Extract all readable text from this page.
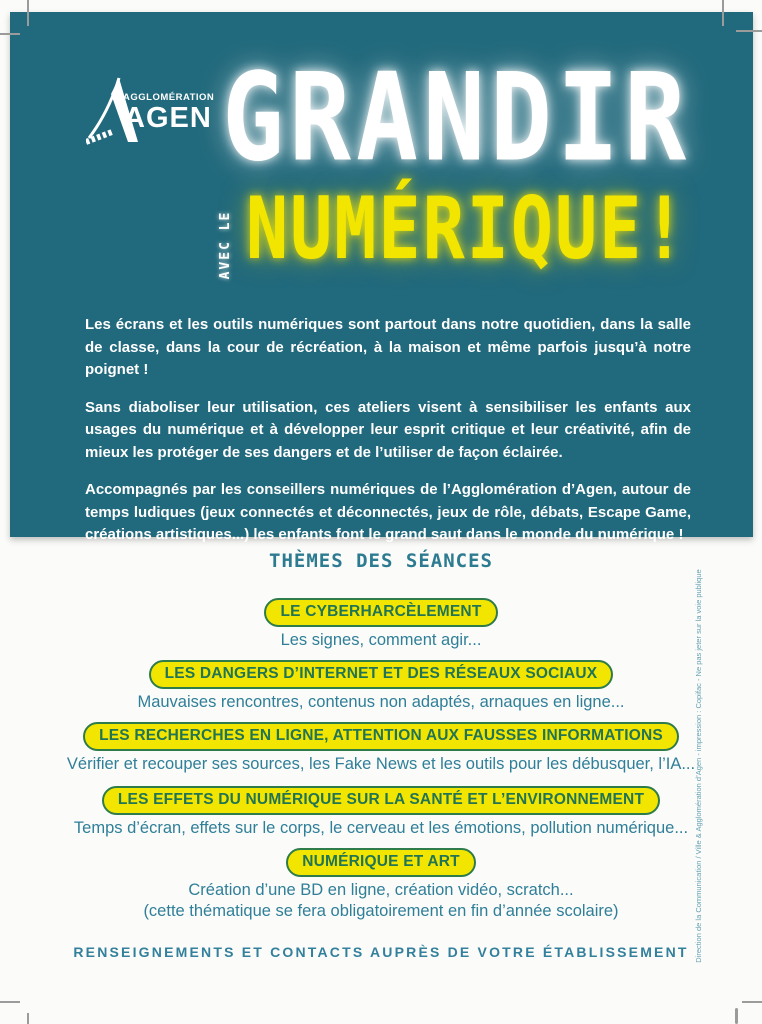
AGGLOMÉRATION
AGEN GRANDIR
AVEC LE NUMÉRIQUE!

Les écrans et les outils numériques sont partout dans notre quotidien, dans la salle de classe, dans la cour de récréation, à la maison et même parfois jusqu’à notre poignet !

Sans diaboliser leur utilisation, ces ateliers visent à sensibiliser les enfants aux usages du numérique et à développer leur esprit critique et leur créativité, afin de mieux les protéger de ses dangers et de l’utiliser de façon éclairée.

Accompagnés par les conseillers numériques de l’Agglomération d’Agen, autour de temps ludiques (jeux connectés et déconnectés, jeux de rôle, débats, Escape Game, créations artistiques...) les enfants font le grand saut dans le monde du numérique !

THÈMES DES SÉANCES
LE CYBERHARCÈLEMENT
Les signes, comment agir...
LES DANGERS D’INTERNET ET DES RÉSEAUX SOCIAUX
Mauvaises rencontres, contenus non adaptés, arnaques en ligne...
LES RECHERCHES EN LIGNE, ATTENTION AUX FAUSSES INFORMATIONS
Vérifier et recouper ses sources, les Fake News et les outils pour les débusquer, l’IA...
LES EFFETS DU NUMÉRIQUE SUR LA SANTÉ ET L’ENVIRONNEMENT
Temps d’écran, effets sur le corps, le cerveau et les émotions, pollution numérique...
NUMÉRIQUE ET ART
Création d’une BD en ligne, création vidéo, scratch...
(cette thématique se fera obligatoirement en fin d’année scolaire)
RENSEIGNEMENTS ET CONTACTS AUPRÈS DE VOTRE ÉTABLISSEMENT Direction de la Communication / Ville & Agglomération d’Agen - impression : Copifac - Ne pas jeter sur la voie publique
